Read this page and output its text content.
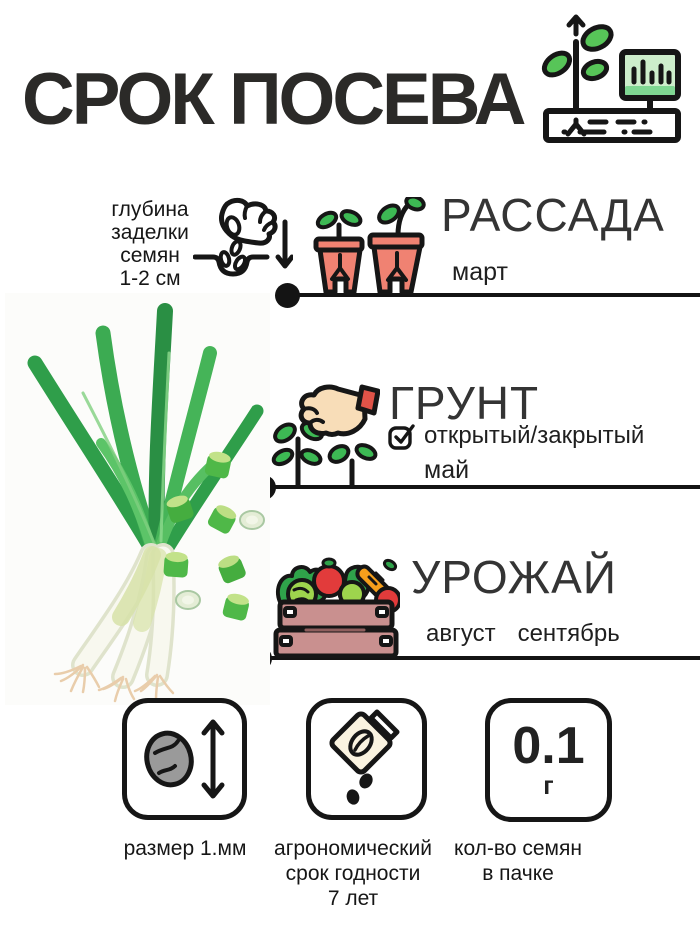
СРОК ПОСЕВА
глубина
заделки
семян
1-2 см
РАССАДА
март
ГРУНТ
открытый/закрытый
май
УРОЖАЙ
август сентябрь
размер 1.мм	агрономический
срок годности
7 лет
0.1
г
кол-во семян
в пачке
